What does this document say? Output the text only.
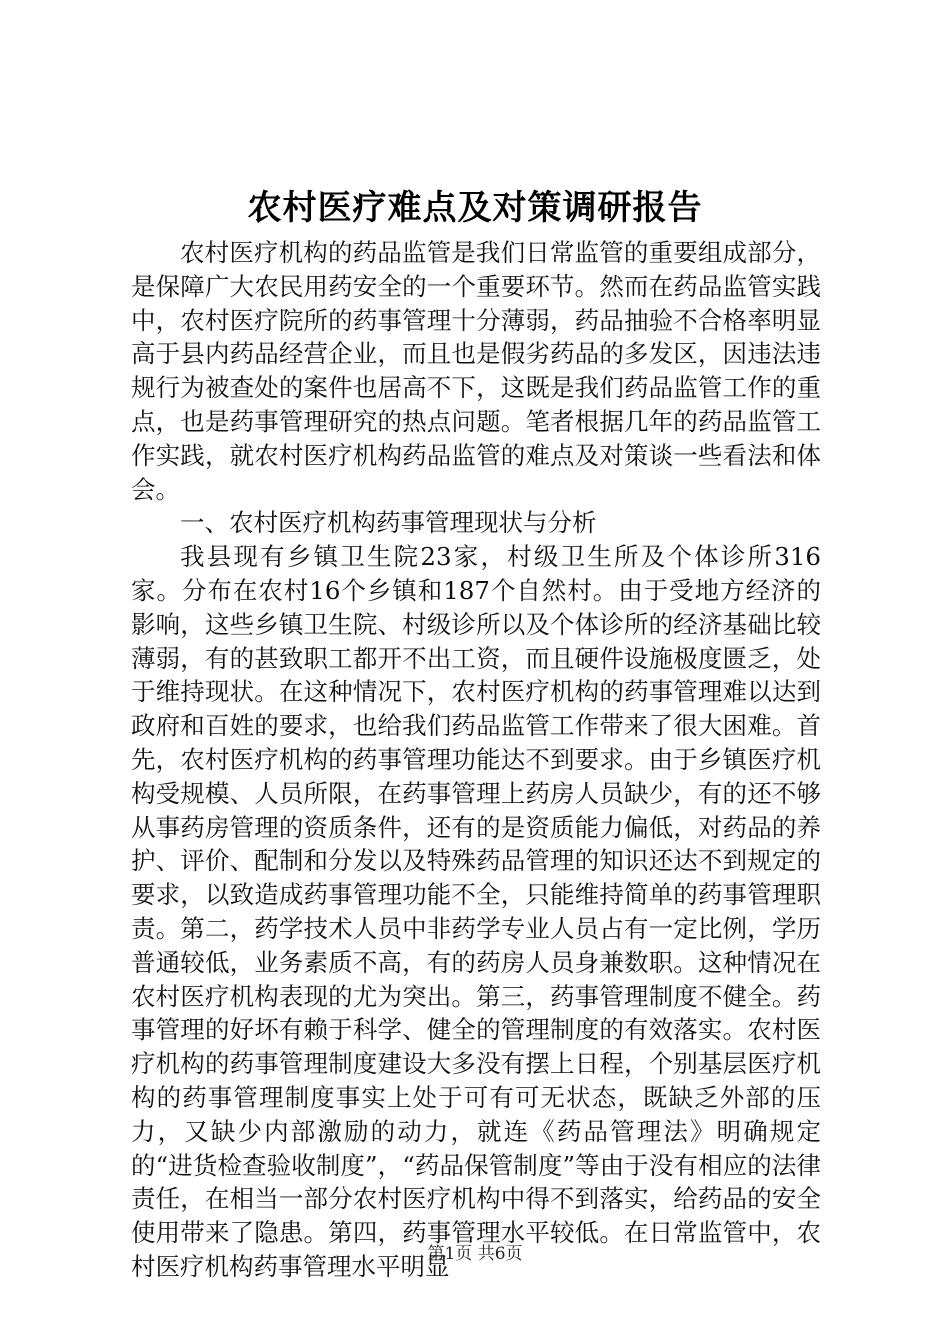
农村医疗难点及对策调研报告

农村医疗机构的药品监管是我们日常监管的重要组成部分，是保障广大农民用药安全的一个重要环节。然而在药品监管实践中，农村医疗院所的药事管理十分薄弱，药品抽验不合格率明显高于县内药品经营企业，而且也是假劣药品的多发区，因违法违规行为被查处的案件也居高不下，这既是我们药品监管工作的重点，也是药事管理研究的热点问题。笔者根据几年的药品监管工作实践，就农村医疗机构药品监管的难点及对策谈一些看法和体会。

一、农村医疗机构药事管理现状与分析

我县现有乡镇卫生院23家，村级卫生所及个体诊所316家。分布在农村16个乡镇和187个自然村。由于受地方经济的影响，这些乡镇卫生院、村级诊所以及个体诊所的经济基础比较薄弱，有的甚致职工都开不出工资，而且硬件设施极度匮乏，处于维持现状。在这种情况下，农村医疗机构的药事管理难以达到政府和百姓的要求，也给我们药品监管工作带来了很大困难。首先，农村医疗机构的药事管理功能达不到要求。由于乡镇医疗机构受规模、人员所限，在药事管理上药房人员缺少，有的还不够从事药房管理的资质条件，还有的是资质能力偏低，对药品的养护、评价、配制和分发以及特殊药品管理的知识还达不到规定的要求，以致造成药事管理功能不全，只能维持简单的药事管理职责。第二，药学技术人员中非药学专业人员占有一定比例，学历普通较低，业务素质不高，有的药房人员身兼数职。这种情况在农村医疗机构表现的尤为突出。第三，药事管理制度不健全。药事管理的好坏有赖于科学、健全的管理制度的有效落实。农村医疗机构的药事管理制度建设大多没有摆上日程，个别基层医疗机构的药事管理制度事实上处于可有可无状态，既缺乏外部的压力，又缺少内部激励的动力，就连《药品管理法》明确规定的“进货检查验收制度”，“药品保管制度”等由于没有相应的法律责任，在相当一部分农村医疗机构中得不到落实，给药品的安全使用带来了隐患。第四，药事管理水平较低。在日常监管中，农村医疗机构药事管理水平明显

第1页 共6页
